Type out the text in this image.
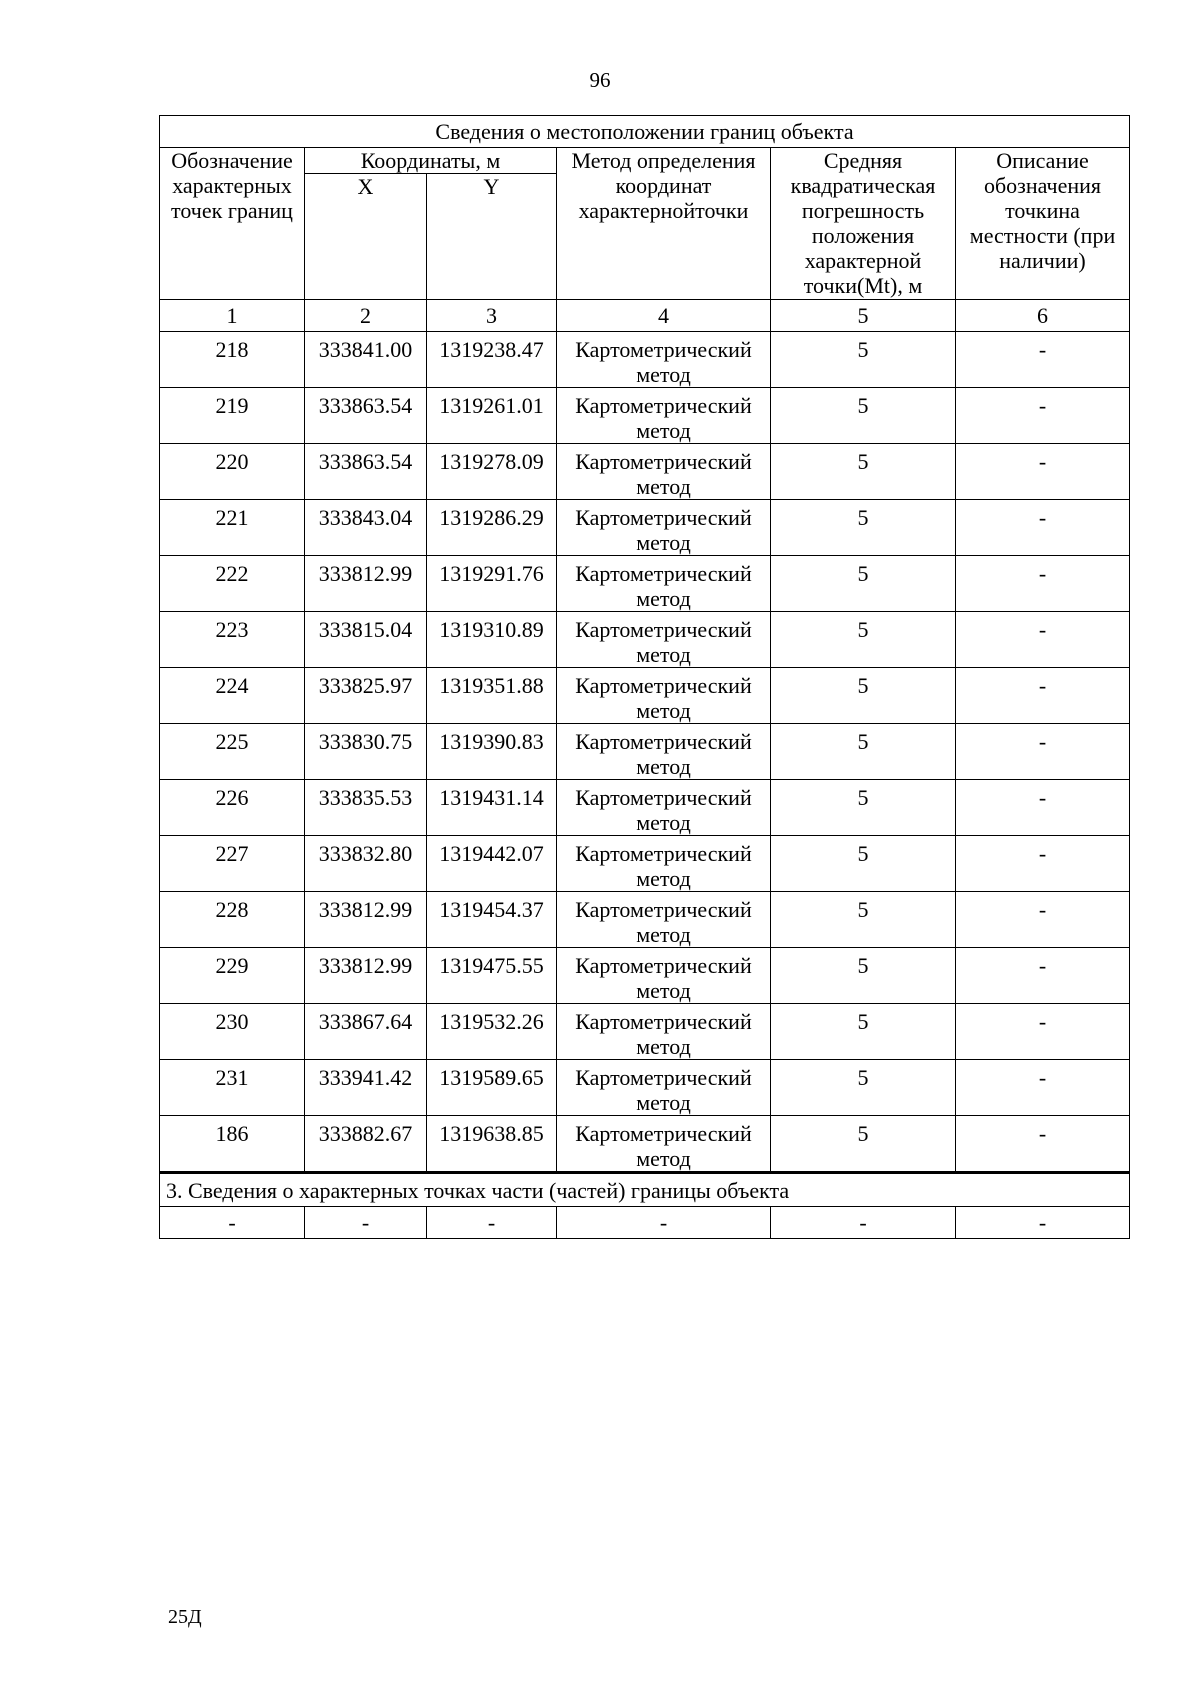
96
Сведения о местоположении границ объекта					
Обозначение характерных точек границ	Координаты, м		Метод определения координат характернойточки	Средняя квадратическая погрешность положения характерной точки(Mt), м	Описание обозначения точкина местности (при наличии)
	X	Y			
1	2	3	4	5	6
218	333841.00	1319238.47	Картометрический метод	5	-
219	333863.54	1319261.01	Картометрический метод	5	-
220	333863.54	1319278.09	Картометрический метод	5	-
221	333843.04	1319286.29	Картометрический метод	5	-
222	333812.99	1319291.76	Картометрический метод	5	-
223	333815.04	1319310.89	Картометрический метод	5	-
224	333825.97	1319351.88	Картометрический метод	5	-
225	333830.75	1319390.83	Картометрический метод	5	-
226	333835.53	1319431.14	Картометрический метод	5	-
227	333832.80	1319442.07	Картометрический метод	5	-
228	333812.99	1319454.37	Картометрический метод	5	-
229	333812.99	1319475.55	Картометрический метод	5	-
230	333867.64	1319532.26	Картометрический метод	5	-
231	333941.42	1319589.65	Картометрический метод	5	-
186	333882.67	1319638.85	Картометрический метод	5	-
3. Сведения о характерных точках части (частей) границы объекта					
-	-	-	-	-	-
25Д
